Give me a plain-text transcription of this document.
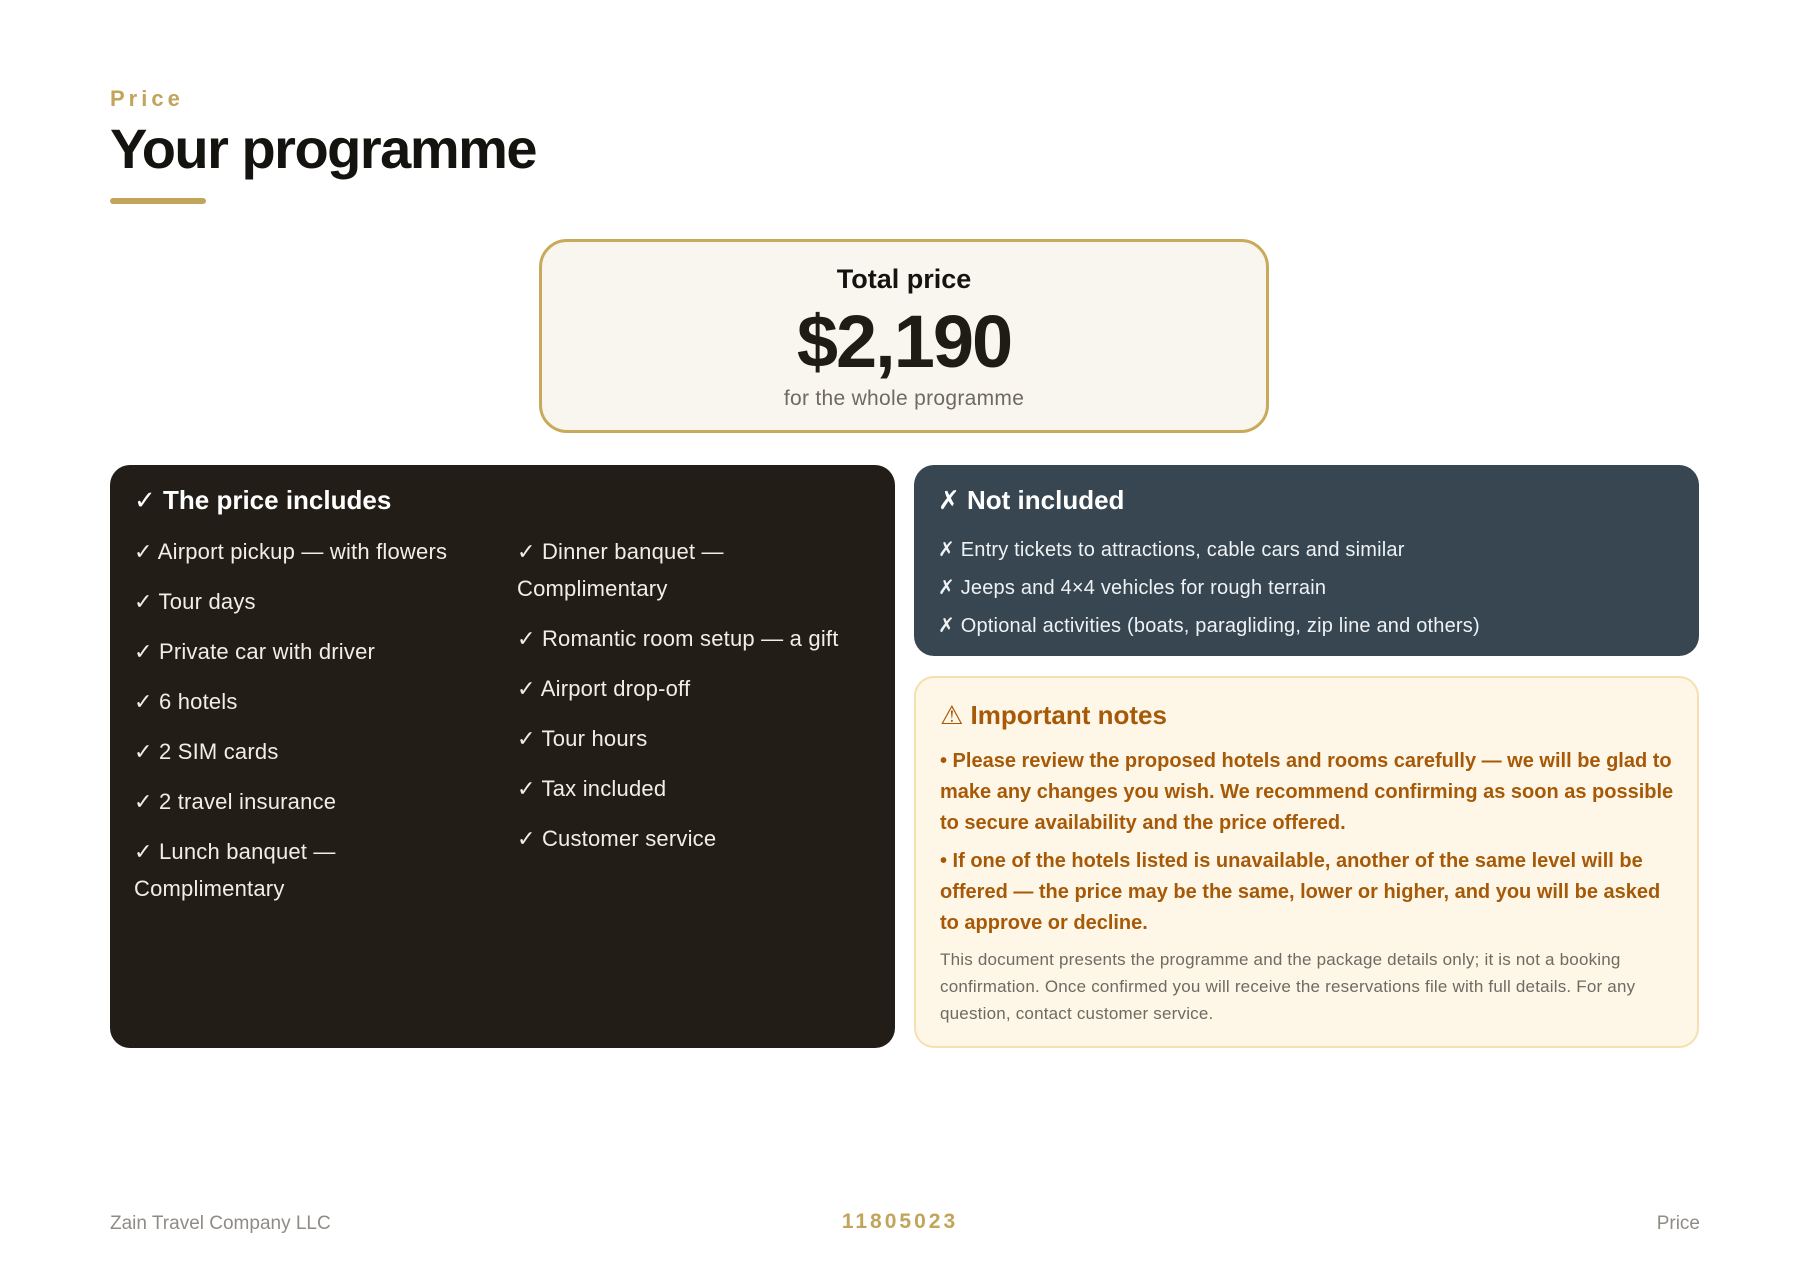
Price
Your programme
Total price
$2,190
for the whole programme
✓ The price includes
✓ Airport pickup — with flowers
✓ Tour days
✓ Private car with driver
✓ 6 hotels
✓ 2 SIM cards
✓ 2 travel insurance
✓ Lunch banquet — Complimentary
✓ Dinner banquet — Complimentary
✓ Romantic room setup — a gift
✓ Airport drop-off
✓ Tour hours
✓ Tax included
✓ Customer service
✗ Not included
✗ Entry tickets to attractions, cable cars and similar
✗ Jeeps and 4×4 vehicles for rough terrain
✗ Optional activities (boats, paragliding, zip line and others)
⚠ Important notes

• Please review the proposed hotels and rooms carefully — we will be glad to make any changes you wish. We recommend confirming as soon as possible to secure availability and the price offered.

• If one of the hotels listed is unavailable, another of the same level will be offered — the price may be the same, lower or higher, and you will be asked to approve or decline.

This document presents the programme and the package details only; it is not a booking confirmation. Once confirmed you will receive the reservations file with full details. For any question, contact customer service.

Zain Travel Company LLC	11805023	Price
